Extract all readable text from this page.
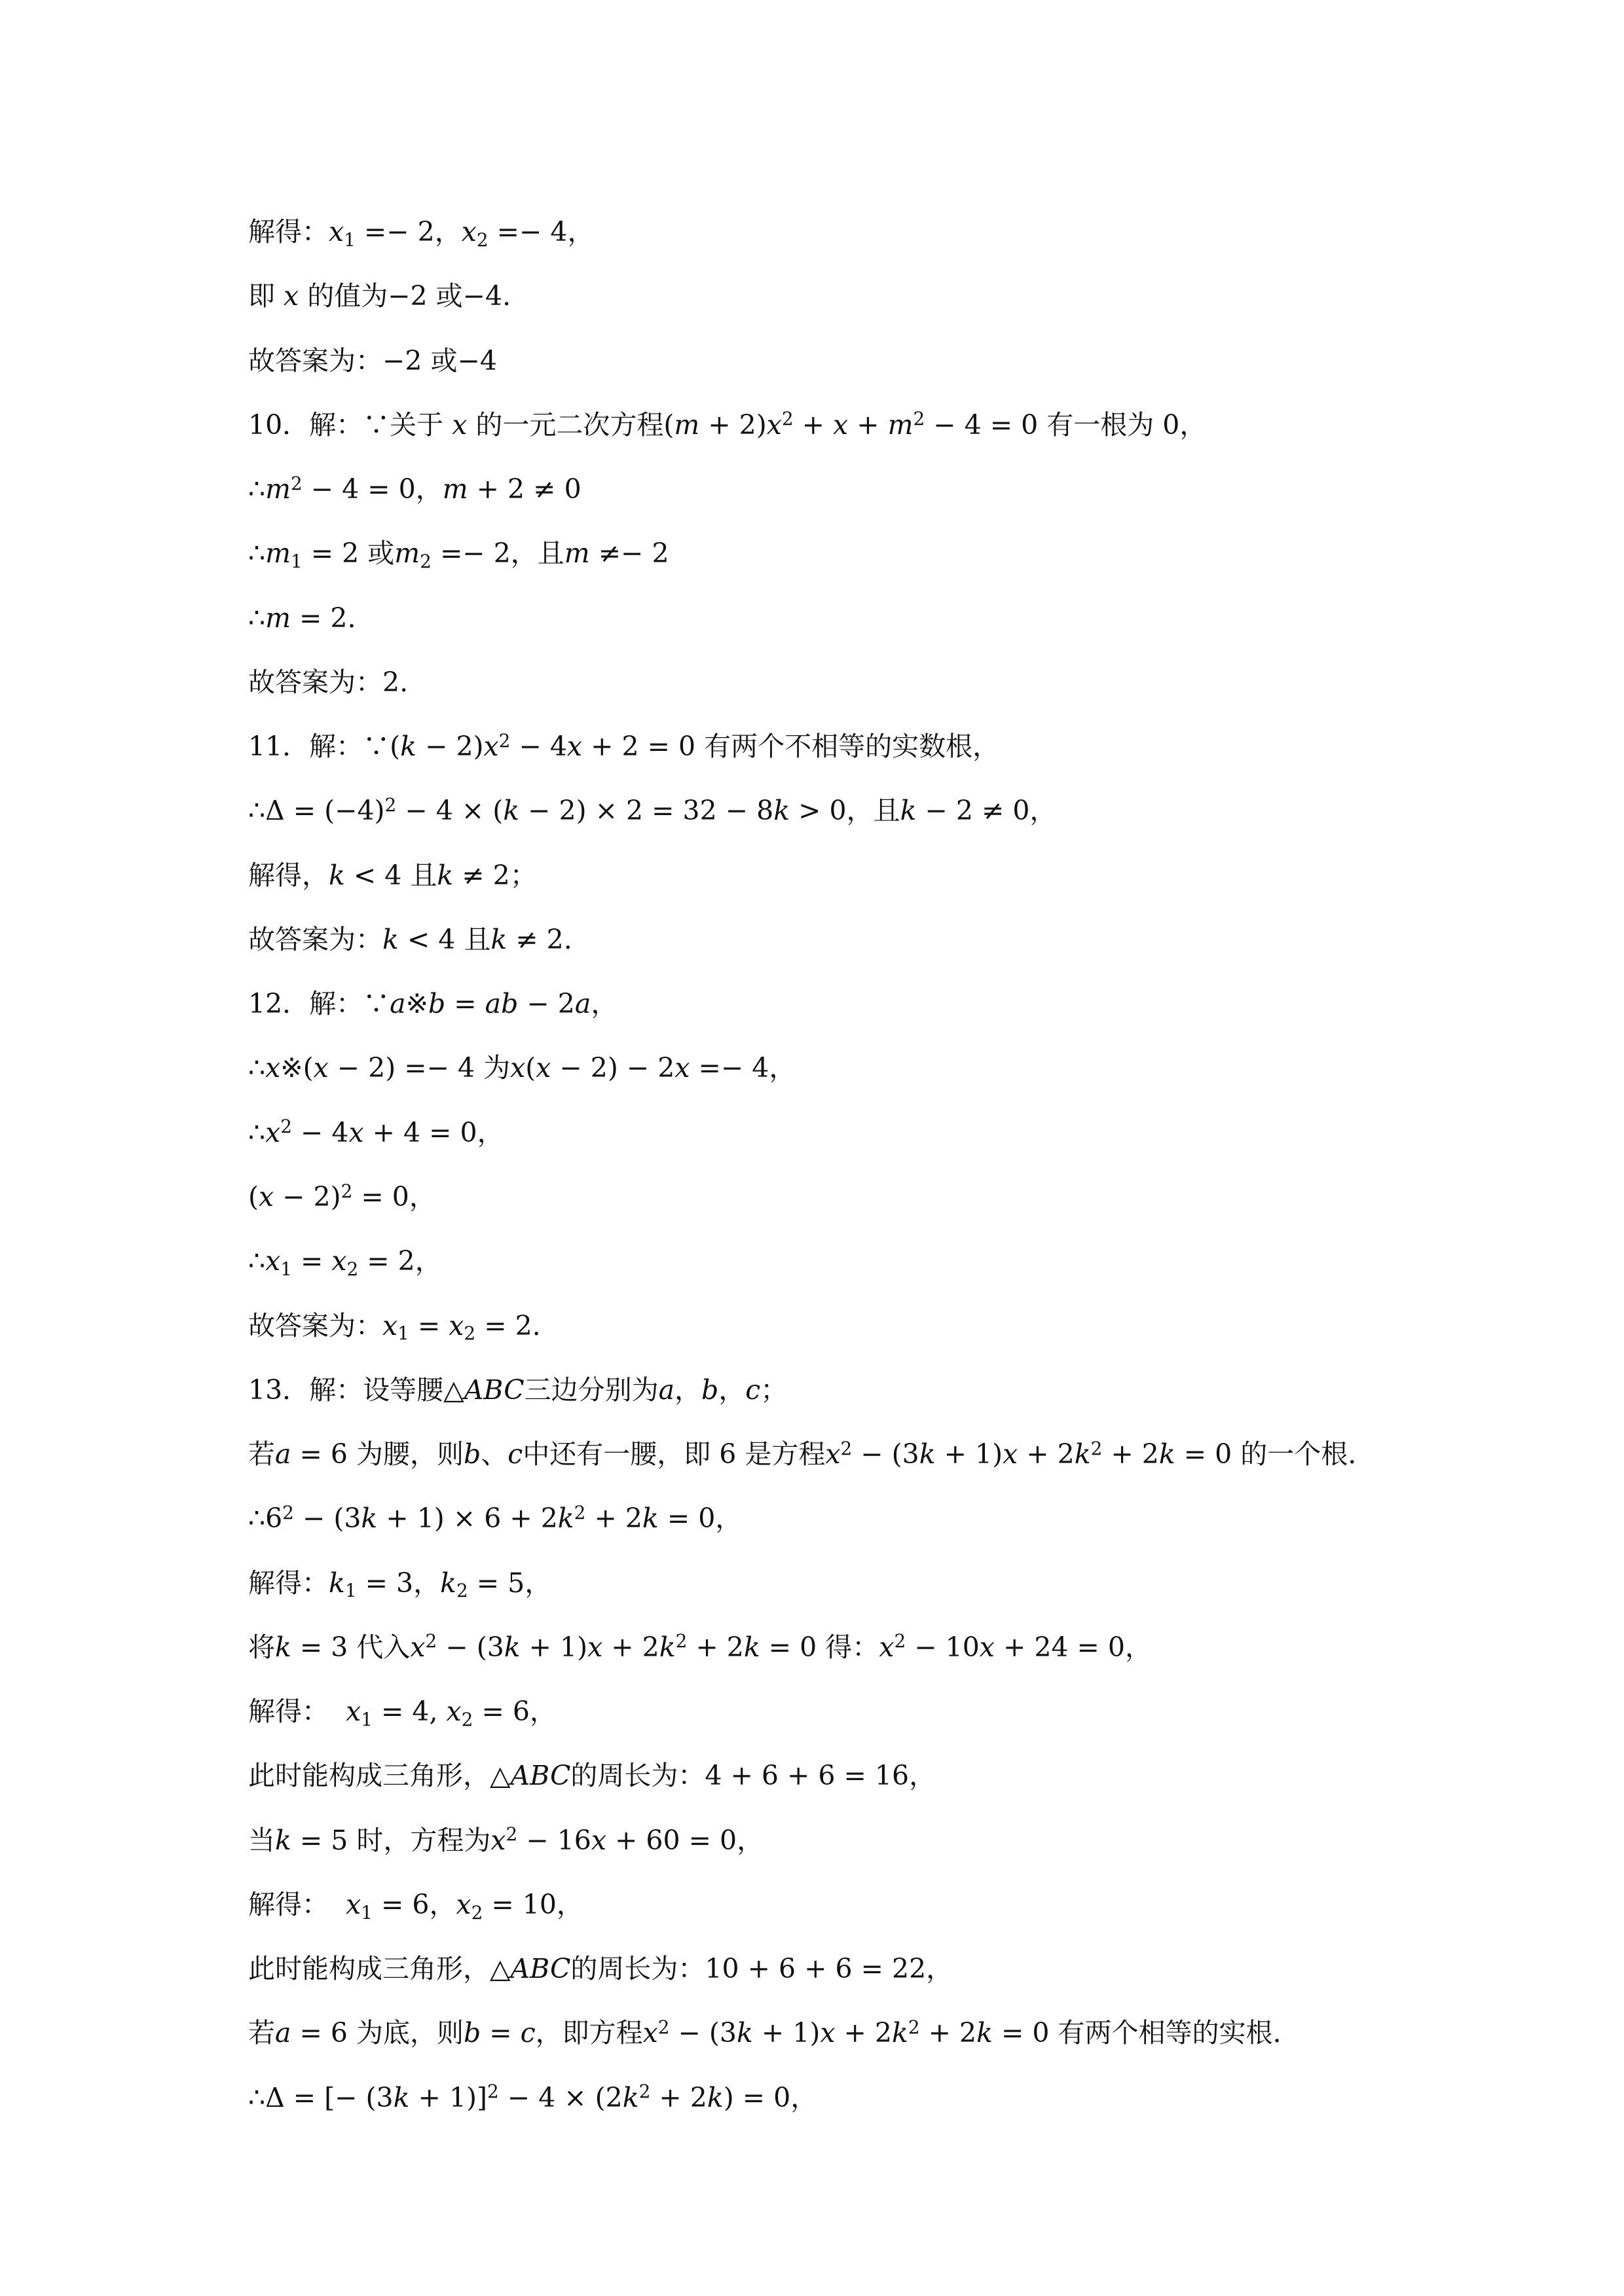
解得：$x_1 =- 2$，$x_2 =- 4$，
即 x 的值为−2 或−4.
故答案为：−2 或−4
10．解：∵关于 x 的一元二次方程$(m + 2)x^2 + x + m^2 - 4 = 0$ 有一根为 0，
$\therefore m^2 - 4 = 0$，m + 2 ≠ 0
$\therefore m_1 = 2$ 或$m_2 =- 2$，且m ≠− 2
∴m = 2.
故答案为：2.
11．解：∵(k − $2)x^2 - 4x + 2 = 0$ 有两个不相等的实数根，
∴Δ = $(-4)^2 - 4 \times (k - 2) \times 2 = 32 - 8k > 0$，且k − 2 ≠ 0，
解得，k < 4 且k ≠ 2；
故答案为：k < 4 且k ≠ 2.
12．解：∵a※b = ab − 2a，
∴x※(x − 2) =− 4 为x(x − 2) − 2x =− 4，
$\therefore x^2 - 4x + 4 = 0$，
$(x - 2)^2 = 0$，
$\therefore x_1 = x_2 = 2$，
故答案为：$x_1 = x_2 = 2$.
13．解：设等腰△ABC三边分别为a，b，c；
若a = 6 为腰，则b、c中还有一腰，即 6 是方程$x^2 - (3k + 1)x + 2k^2 + 2k = 0$ 的一个根.
$\therefore 6^2 - (3k + 1) \times 6 + 2k^2 + 2k = 0$，
解得：$k_1 = 3$，$k_2 = 5$，
将k = 3 代入$x^2 - (3k + 1)x + 2k^2 + 2k = 0$ 得：$x^2 - 10x + 24 = 0$，
解得：  $x_1 = 4$, $x_2 = 6$，
此时能构成三角形，△ABC的周长为：4 + 6 + 6 = 16，
当k = 5 时，方程为$x^2 - 16x + 60 = 0$，
解得：  $x_1 = 6$，$x_2 = 10$，
此时能构成三角形，△ABC的周长为：10 + 6 + 6 = 22，
若a = 6 为底，则b = c，即方程$x^2 - (3k + 1)x + 2k^2 + 2k = 0$ 有两个相等的实根.
∴Δ = [− $(3k + 1)]^2 - 4 \times (2k^2 + 2k) = 0$，
